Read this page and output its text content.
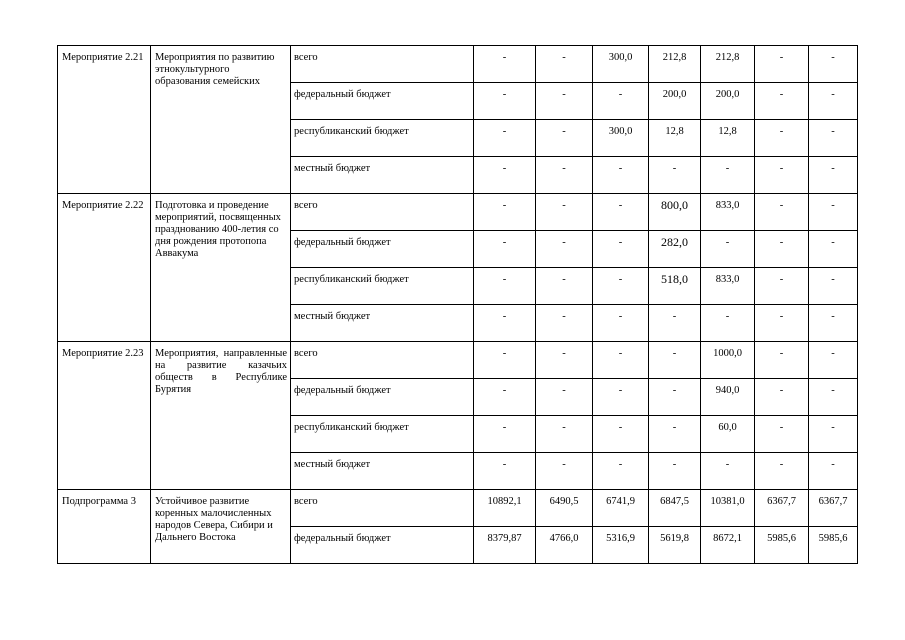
Мероприятие 2.21	Мероприятия по развитию этнокультурного образования семейских	всего	-	-	300,0	212,8	212,8	-	-
		федеральный бюджет	-	-	-	200,0	200,0	-	-
		республиканский бюджет	-	-	300,0	12,8	12,8	-	-
		местный бюджет	-	-	-	-	-	-	-
Мероприятие 2.22	Подготовка и проведение мероприятий, посвященных празднованию 400-летия со дня рождения протопопа Аввакума	всего	-	-	-	800,0	833,0	-	-
		федеральный бюджет	-	-	-	282,0	-	-	-
		республиканский бюджет	-	-	-	518,0	833,0	-	-
		местный бюджет	-	-	-	-	-	-	-
Мероприятие 2.23	Мероприятия, направленные на развитие казачьих обществ в Республике Бурятия	всего	-	-	-	-	1000,0	-	-
		федеральный бюджет	-	-	-	-	940,0	-	-
		республиканский бюджет	-	-	-	-	60,0	-	-
		местный бюджет	-	-	-	-	-	-	-
Подпрограмма 3	Устойчивое развитие коренных малочисленных народов Севера, Сибири и Дальнего Востока	всего	10892,1	6490,5	6741,9	6847,5	10381,0	6367,7	6367,7
		федеральный бюджет	8379,87	4766,0	5316,9	5619,8	8672,1	5985,6	5985,6
